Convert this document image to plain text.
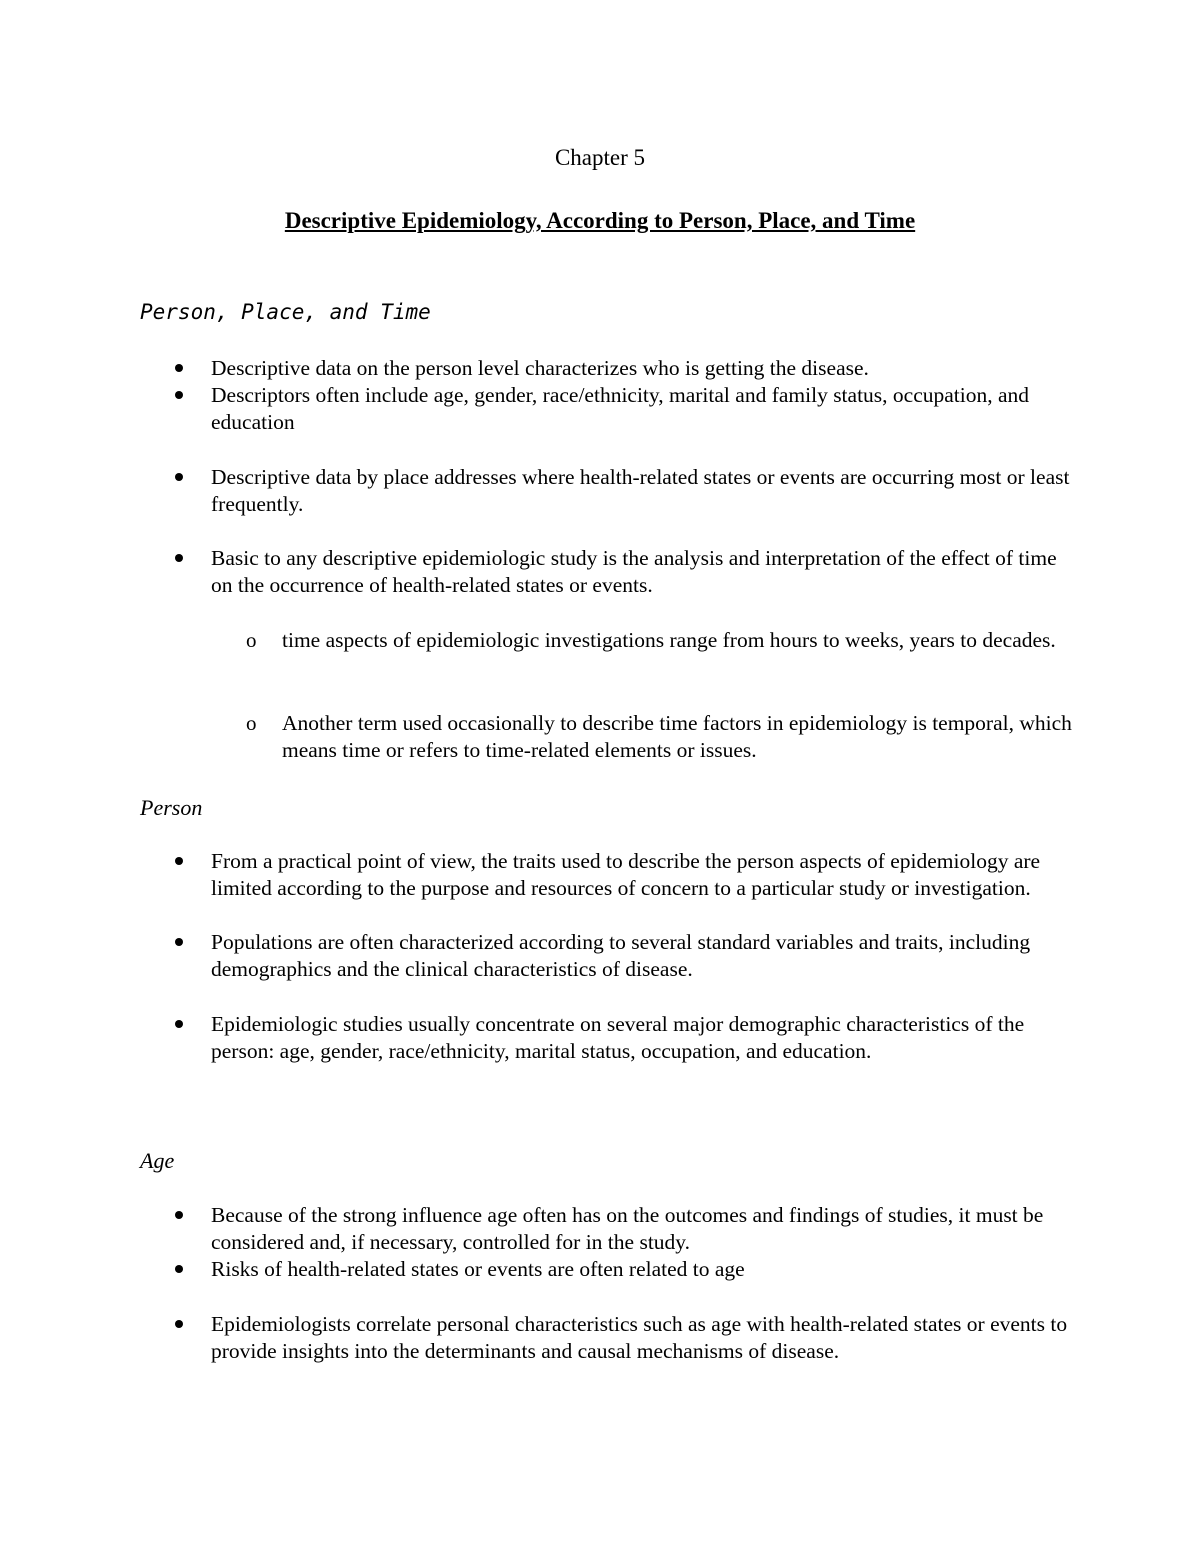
Chapter 5

Descriptive Epidemiology, According to Person, Place, and Time

Person, Place, and Time

Descriptive data on the person level characterizes who is getting the disease.

Descriptors often include age, gender, race/ethnicity, marital and family status, occupation, and education

Descriptive data by place addresses where health-related states or events are occurring most or least frequently.

Basic to any descriptive epidemiologic study is the analysis and interpretation of the effect of time on the occurrence of health-related states or events.

o time aspects of epidemiologic investigations range from hours to weeks, years to decades.

o Another term used occasionally to describe time factors in epidemiology is temporal, which means time or refers to time-related elements or issues.

Person

From a practical point of view, the traits used to describe the person aspects of epidemiology are limited according to the purpose and resources of concern to a particular study or investigation.

Populations are often characterized according to several standard variables and traits, including demographics and the clinical characteristics of disease.

Epidemiologic studies usually concentrate on several major demographic characteristics of the person: age, gender, race/ethnicity, marital status, occupation, and education.

Age

Because of the strong influence age often has on the outcomes and findings of studies, it must be considered and, if necessary, controlled for in the study.

Risks of health-related states or events are often related to age

Epidemiologists correlate personal characteristics such as age with health-related states or events to provide insights into the determinants and causal mechanisms of disease.
